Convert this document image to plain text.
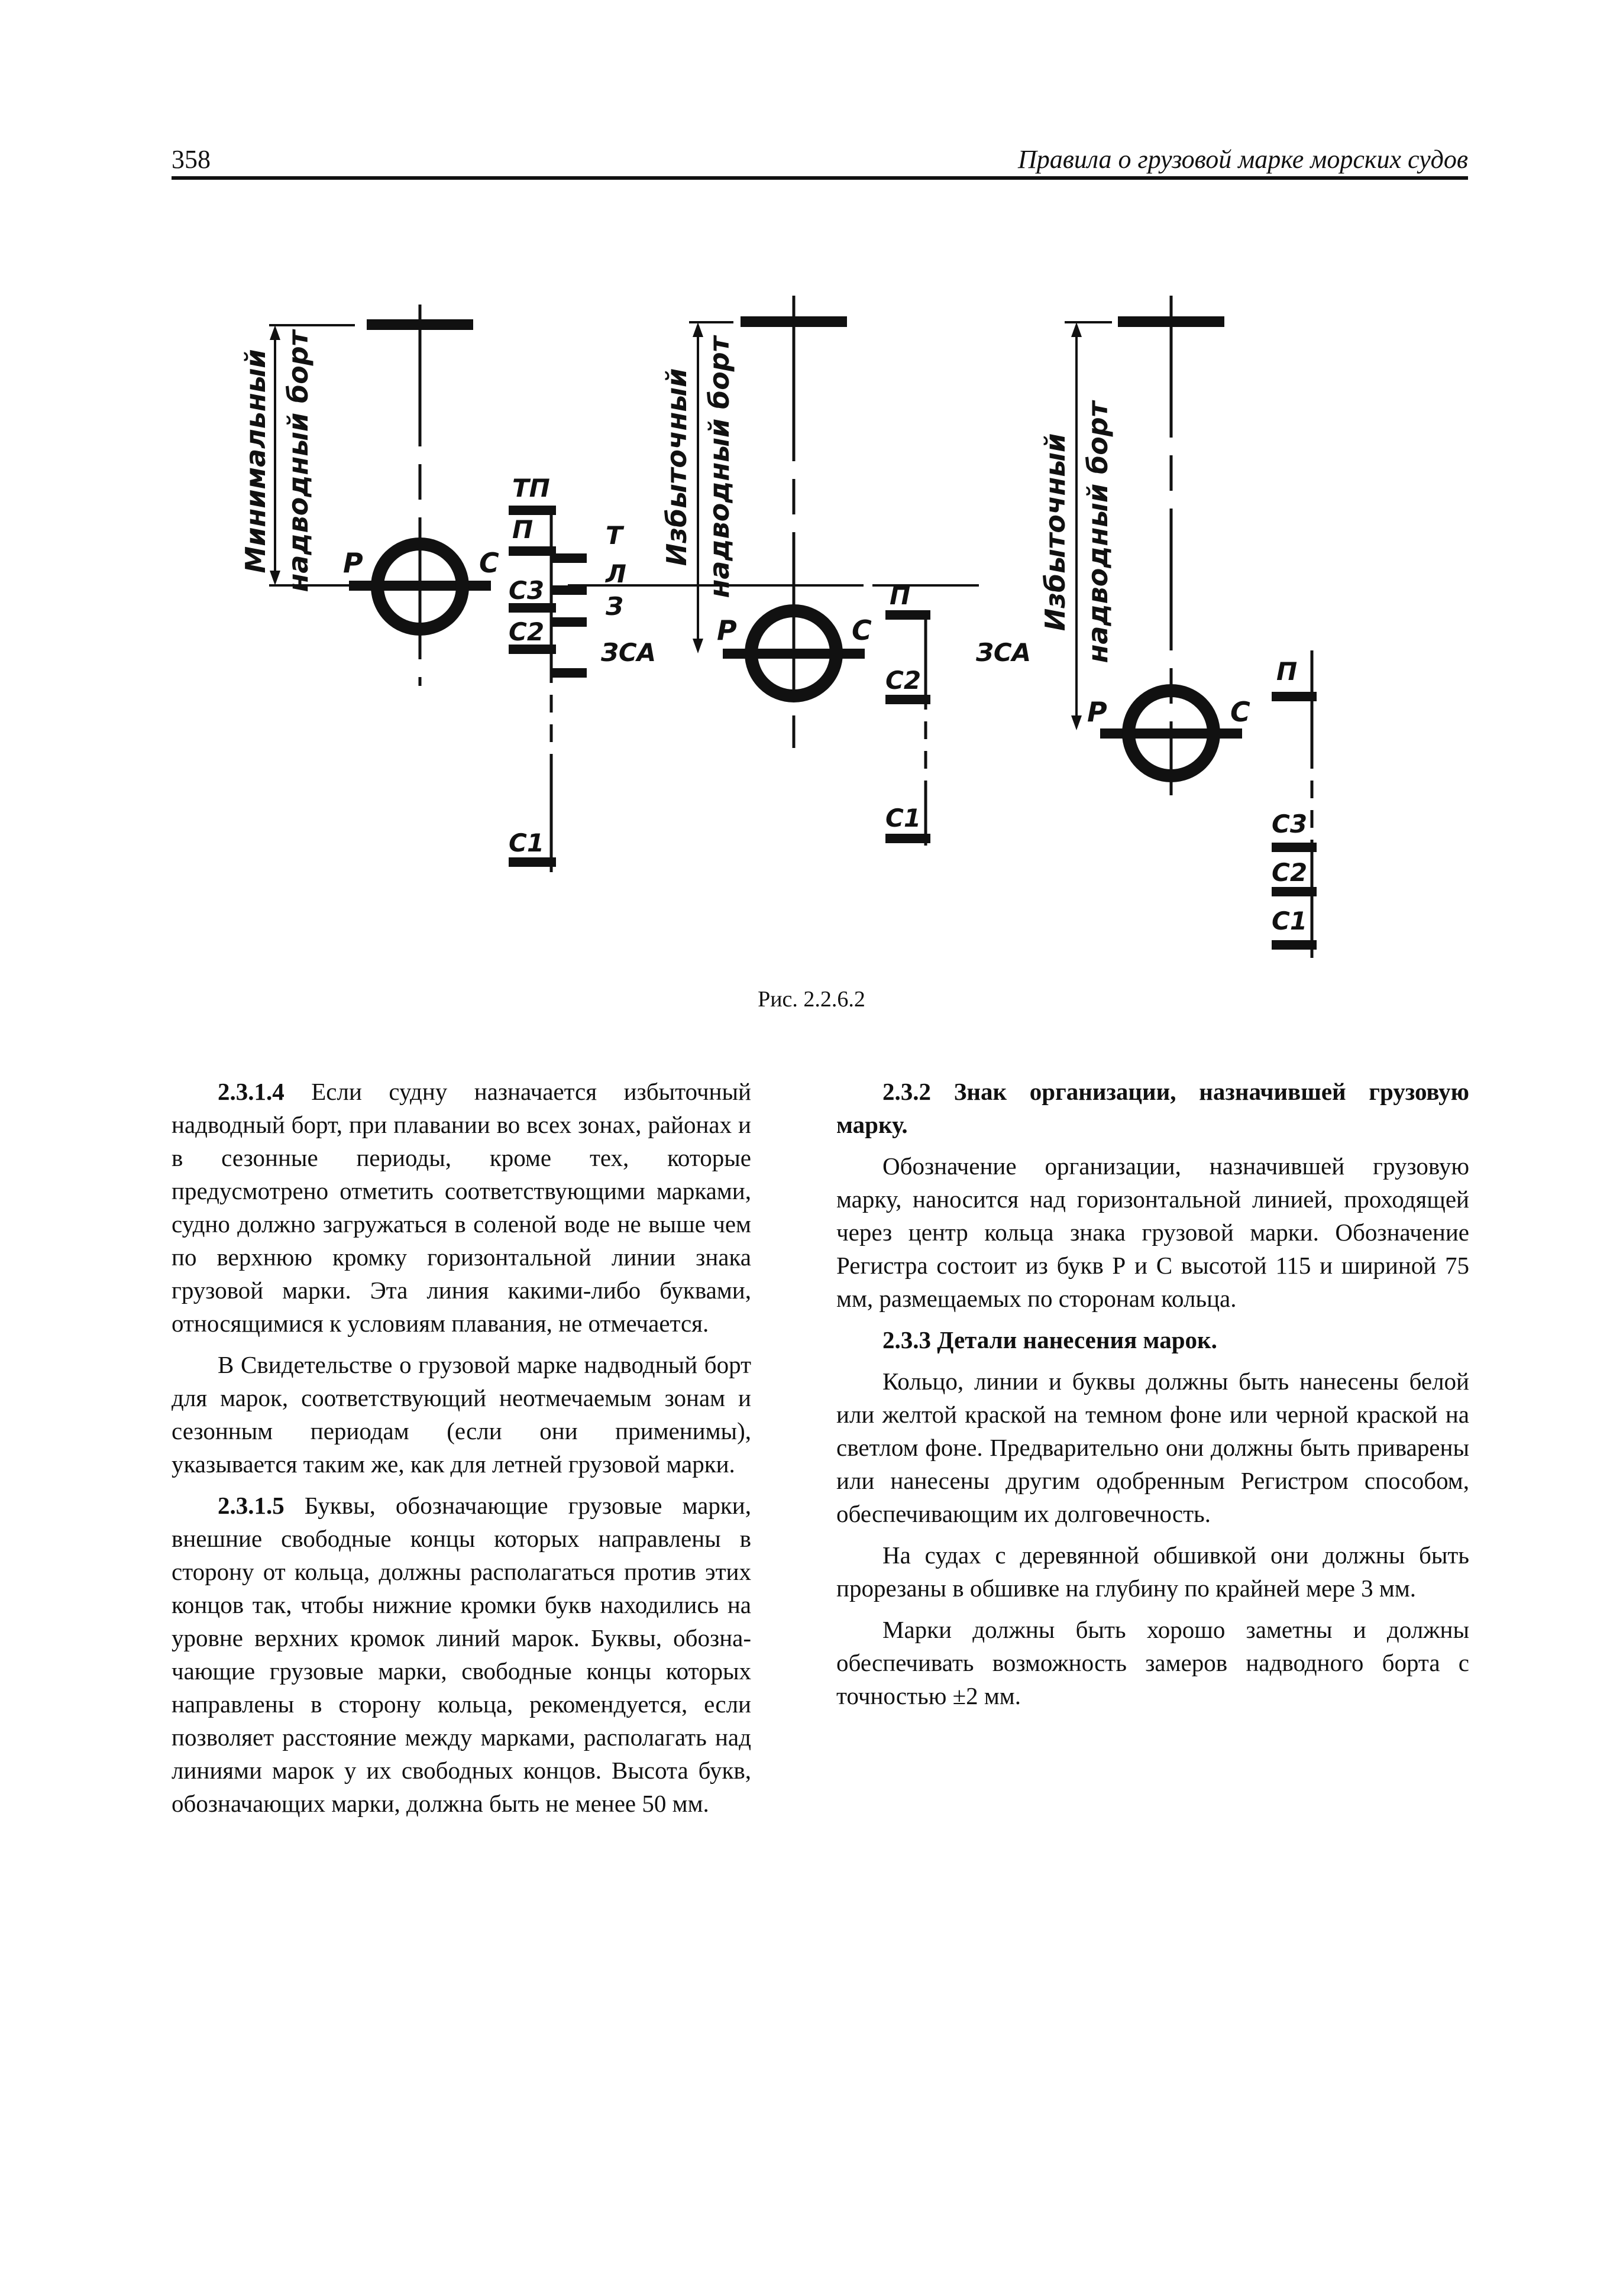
358	Правила о грузовой марке морских судов
Минимальный надводный борт Р	С
ТП
П
С3
С2
Т
Л
З
ЗСА
С1
Избыточный надводный борт
Р	С
П
С2
ЗСА
С1
Избыточный надводный борт
Р	С
П
С3
С2
С1
Рис. 2.2.6.2

2.3.1.4 Если судну назначается избыточный надводный борт, при плавании во всех зонах, районах и в сезонные периоды, кроме тех, которые предусмотрено отметить соответствующими марками, судно должно загружаться в соленой воде не выше чем по верхнюю кромку горизонтальной линии знака грузовой марки. Эта линия какими-либо буквами, относящимися к условиям плавания, не отмечается.

В Свидетельстве о грузовой марке надводный борт для марок, соответствующий неотмечаемым зонам и сезонным периодам (если они применимы), указывается таким же, как для летней грузовой марки.

2.3.1.5 Буквы, обозначающие грузовые марки, внешние свободные концы которых направлены в сторону от кольца, должны располагаться против этих концов так, чтобы нижние кромки букв находились на уровне верхних кромок линий марок. Буквы, обозна-чающие грузовые марки, свободные концы которых направлены в сторону кольца, рекомендуется, если позволяет расстояние между марками, располагать над линиями марок у их свободных концов. Высота букв, обозначающих марки, должна быть не менее 50 мм.

2.3.2 Знак организации, назначившей грузовую марку.

Обозначение организации, назначившей грузовую марку, наносится над горизонтальной линией, проходящей через центр кольца знака грузовой марки. Обозначение Регистра состоит из букв Р и С высотой 115 и шириной 75 мм, размещаемых по сторонам кольца.

2.3.3 Детали нанесения марок.

Кольцо, линии и буквы должны быть нанесены белой или желтой краской на темном фоне или черной краской на светлом фоне. Предварительно они должны быть приварены или нанесены другим одобренным Регистром способом, обеспечивающим их долговечность.

На судах с деревянной обшивкой они должны быть прорезаны в обшивке на глубину по крайней мере 3 мм.

Марки должны быть хорошо заметны и должны обеспечивать возможность замеров надводного борта с точностью ±2 мм.
